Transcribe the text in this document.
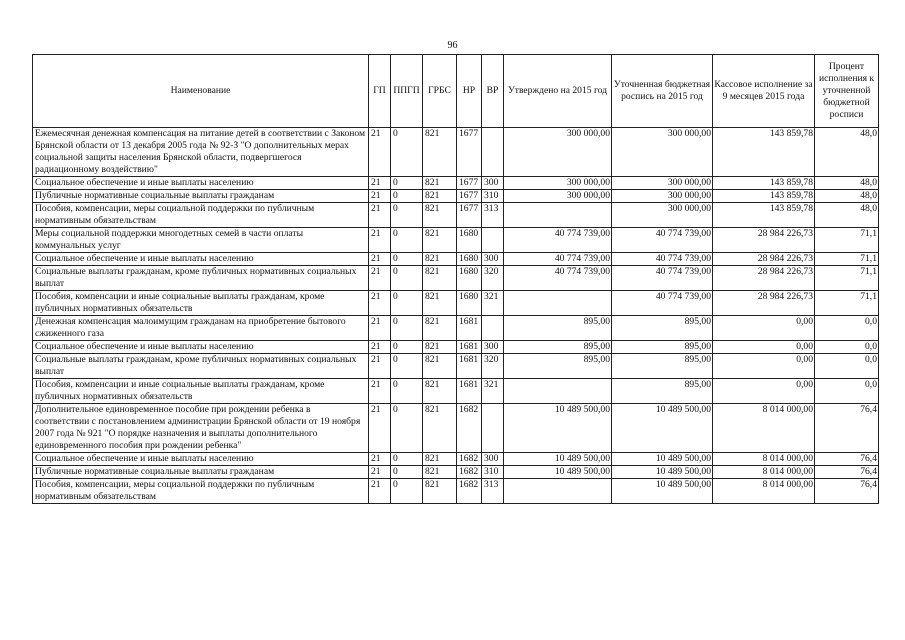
96
Наименование	ГП	ППГП	ГРБС	НР	ВР	Утверждено на 2015 год	Уточненная бюджетная роспись на 2015 год	Кассовое исполнение за 9 месяцев 2015 года	Процент исполнения к уточненной бюджетной росписи
Ежемесячная денежная компенсация на питание детей в соответствии с Законом Брянской области от 13 декабря 2005 года № 92-З "О дополнительных мерах социальной защиты населения Брянской области, подвергшегося радиационному воздействию"	21	0	821	1677		300 000,00	300 000,00	143 859,78	48,0
Социальное обеспечение и иные выплаты населению	21	0	821	1677	300	300 000,00	300 000,00	143 859,78	48,0
Публичные нормативные социальные выплаты гражданам	21	0	821	1677	310	300 000,00	300 000,00	143 859,78	48,0
Пособия, компенсации, меры социальной поддержки по публичным нормативным обязательствам	21	0	821	1677	313		300 000,00	143 859,78	48,0
Меры социальной поддержки многодетных семей в части оплаты коммунальных услуг	21	0	821	1680		40 774 739,00	40 774 739,00	28 984 226,73	71,1
Социальное обеспечение и иные выплаты населению	21	0	821	1680	300	40 774 739,00	40 774 739,00	28 984 226,73	71,1
Социальные выплаты гражданам, кроме публичных нормативных социальных выплат	21	0	821	1680	320	40 774 739,00	40 774 739,00	28 984 226,73	71,1
Пособия, компенсации и иные социальные выплаты гражданам, кроме публичных нормативных обязательств	21	0	821	1680	321		40 774 739,00	28 984 226,73	71,1
Денежная компенсация малоимущим гражданам на приобретение бытового сжиженного газа	21	0	821	1681		895,00	895,00	0,00	0,0
Социальное обеспечение и иные выплаты населению	21	0	821	1681	300	895,00	895,00	0,00	0,0
Социальные выплаты гражданам, кроме публичных нормативных социальных выплат	21	0	821	1681	320	895,00	895,00	0,00	0,0
Пособия, компенсации и иные социальные выплаты гражданам, кроме публичных нормативных обязательств	21	0	821	1681	321		895,00	0,00	0,0
Дополнительное единовременное пособие при рождении ребенка в соответствии с постановлением администрации Брянской области от 19 ноября 2007 года № 921 "О порядке назначения и выплаты дополнительного единовременного пособия при рождении ребенка"	21	0	821	1682		10 489 500,00	10 489 500,00	8 014 000,00	76,4
Социальное обеспечение и иные выплаты населению	21	0	821	1682	300	10 489 500,00	10 489 500,00	8 014 000,00	76,4
Публичные нормативные социальные выплаты гражданам	21	0	821	1682	310	10 489 500,00	10 489 500,00	8 014 000,00	76,4
Пособия, компенсации, меры социальной поддержки по публичным нормативным обязательствам	21	0	821	1682	313		10 489 500,00	8 014 000,00	76,4
